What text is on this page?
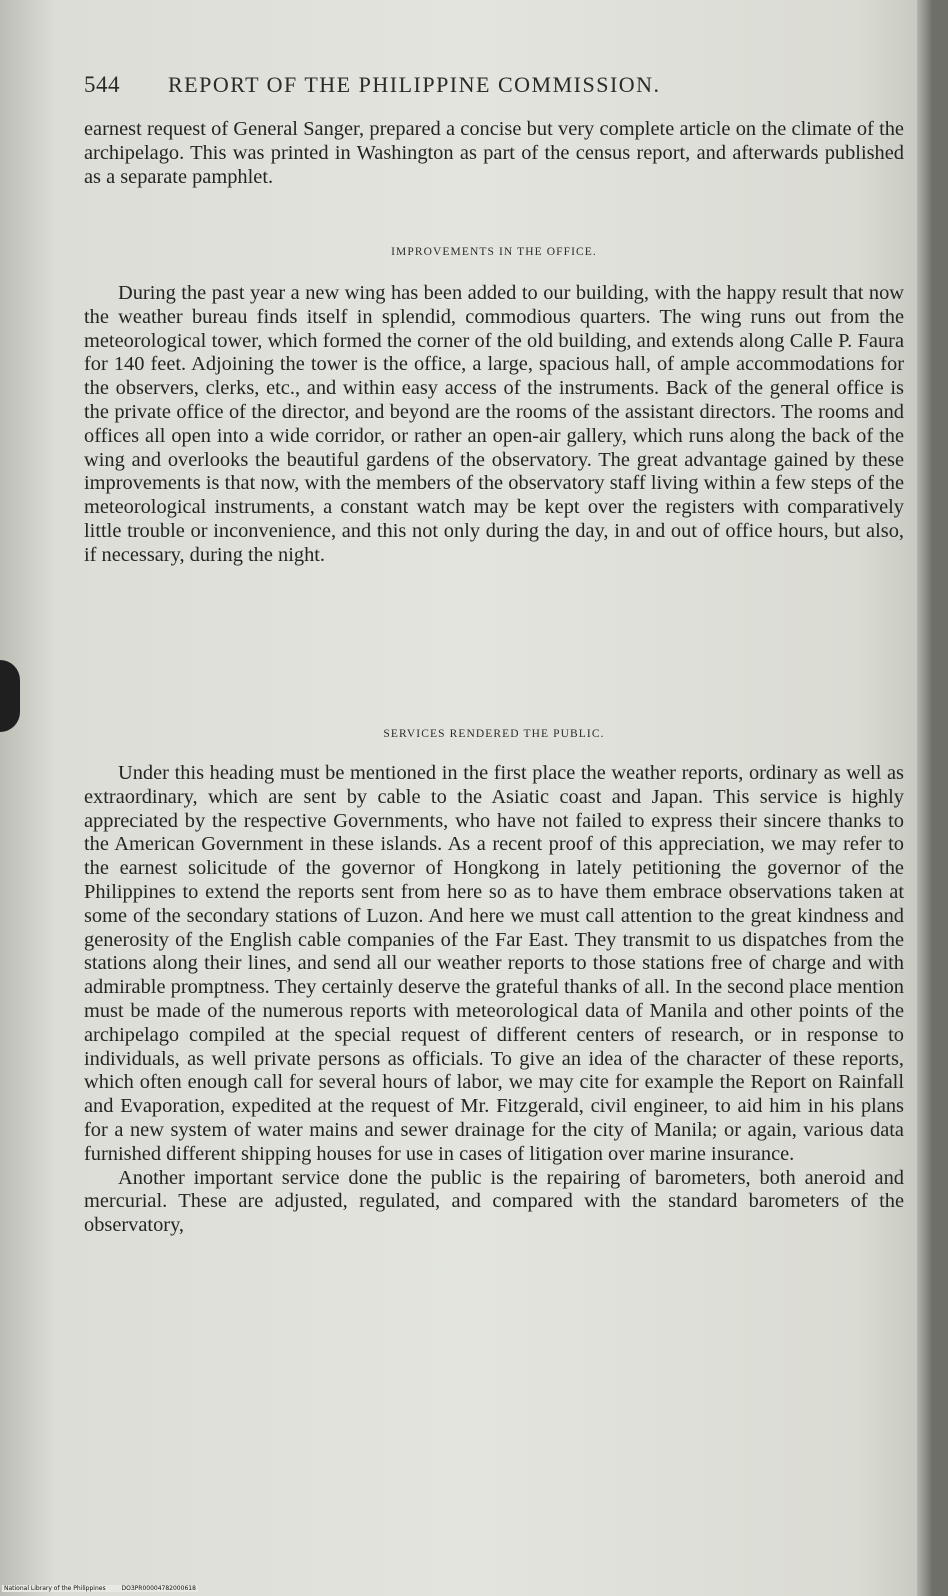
544 REPORT OF THE PHILIPPINE COMMISSION.

earnest request of General Sanger, prepared a concise but very complete article on the climate of the archipelago. This was printed in Washington as part of the census report, and afterwards published as a separate pamphlet.

IMPROVEMENTS IN THE OFFICE.

During the past year a new wing has been added to our building, with the happy result that now the weather bureau finds itself in splendid, commodious quarters. The wing runs out from the meteorological tower, which formed the corner of the old building, and extends along Calle P. Faura for 140 feet. Adjoining the tower is the office, a large, spacious hall, of ample accommodations for the observers, clerks, etc., and within easy access of the instruments. Back of the general office is the private office of the director, and beyond are the rooms of the assistant directors. The rooms and offices all open into a wide corridor, or rather an open-air gallery, which runs along the back of the wing and overlooks the beautiful gardens of the observatory. The great advantage gained by these improvements is that now, with the members of the observatory staff living within a few steps of the meteorological instruments, a constant watch may be kept over the registers with comparatively little trouble or inconvenience, and this not only during the day, in and out of office hours, but also, if necessary, during the night.

SERVICES RENDERED THE PUBLIC.

Under this heading must be mentioned in the first place the weather reports, ordinary as well as extraordinary, which are sent by cable to the Asiatic coast and Japan. This service is highly appreciated by the respective Governments, who have not failed to express their sincere thanks to the American Government in these islands. As a recent proof of this appreciation, we may refer to the earnest solicitude of the governor of Hongkong in lately petitioning the governor of the Philippines to extend the reports sent from here so as to have them embrace observations taken at some of the secondary stations of Luzon. And here we must call attention to the great kindness and generosity of the English cable companies of the Far East. They transmit to us dispatches from the stations along their lines, and send all our weather reports to those stations free of charge and with admirable promptness. They certainly deserve the grateful thanks of all. In the second place mention must be made of the numerous reports with meteorological data of Manila and other points of the archipelago compiled at the special request of different centers of research, or in response to individuals, as well private persons as officials. To give an idea of the character of these reports, which often enough call for several hours of labor, we may cite for example the Report on Rainfall and Evaporation, expedited at the request of Mr. Fitzgerald, civil engineer, to aid him in his plans for a new system of water mains and sewer drainage for the city of Manila; or again, various data furnished different shipping houses for use in cases of litigation over marine insurance.

Another important service done the public is the repairing of barometers, both aneroid and mercurial. These are adjusted, regulated, and compared with the standard barometers of the observatory,

National Library of the Philippines	DO3PR00004782000618
